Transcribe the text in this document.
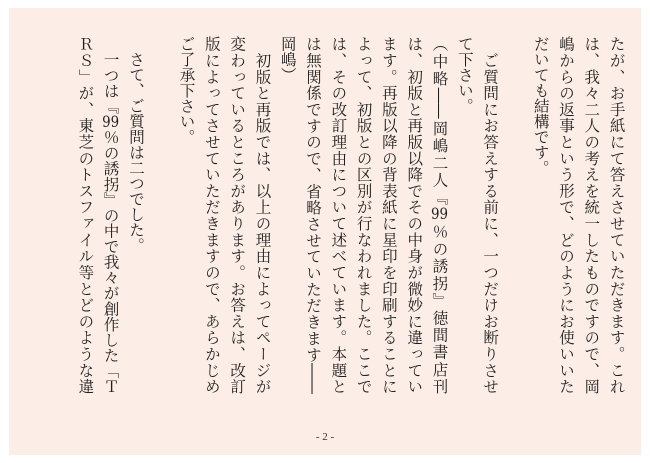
たが、お手紙にて答えさせていただきます。これ
は、我々二人の考えを統一したものですので、岡
嶋からの返事という形で、どのようにお使いいた
だいても結構です。
　ご質問にお答えする前に、一つだけお断りさせ
て下さい。
（中略――岡嶋二人『99％の誘拐』徳間書店刊
は、初版と再版以降でその中身が微妙に違ってい
ます。再版以降の背表紙に星印を印刷することに
よって、初版との区別が行なわれました。ここで
は、その改訂理由について述べています。本題と
は無関係ですので、省略させていただきます――
岡嶋）
　初版と再版では、以上の理由によってページが
変わっているところがあります。お答えは、改訂
版によってさせていただきますので、あらかじめ
ご了承下さい。
　さて、ご質問は二つでした。
　一つは『99％の誘拐』の中で我々が創作した「Ｔ
ＲＳ」が、東芝のトスファイル等とどのような違
- 2 -
